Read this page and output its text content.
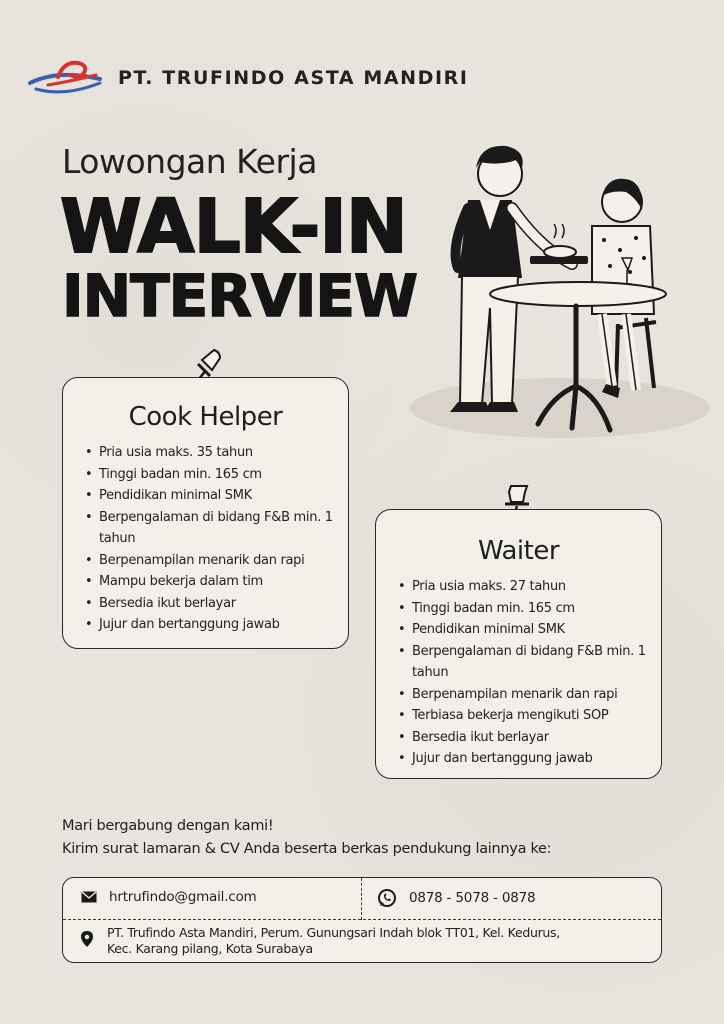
PT. TRUFINDO ASTA MANDIRI
Lowongan Kerja
WALK-IN
INTERVIEW
Cook Helper
• Pria usia maks. 35 tahun
• Tinggi badan min. 165 cm
• Pendidikan minimal SMK
• Berpengalaman di bidang F&B min. 1 tahun
• Berpenampilan menarik dan rapi
• Mampu bekerja dalam tim
• Bersedia ikut berlayar
• Jujur dan bertanggung jawab
Waiter
• Pria usia maks. 27 tahun
• Tinggi badan min. 165 cm
• Pendidikan minimal SMK
• Berpengalaman di bidang F&B min. 1 tahun
• Berpenampilan menarik dan rapi
• Terbiasa bekerja mengikuti SOP
• Bersedia ikut berlayar
• Jujur dan bertanggung jawab
Mari bergabung dengan kami!
Kirim surat lamaran & CV Anda beserta berkas pendukung lainnya ke:
hrtrufindo@gmail.com	0878 - 5078 - 0878
PT. Trufindo Asta Mandiri, Perum. Gunungsari Indah blok TT01, Kel. Kedurus,
Kec. Karang pilang, Kota Surabaya
